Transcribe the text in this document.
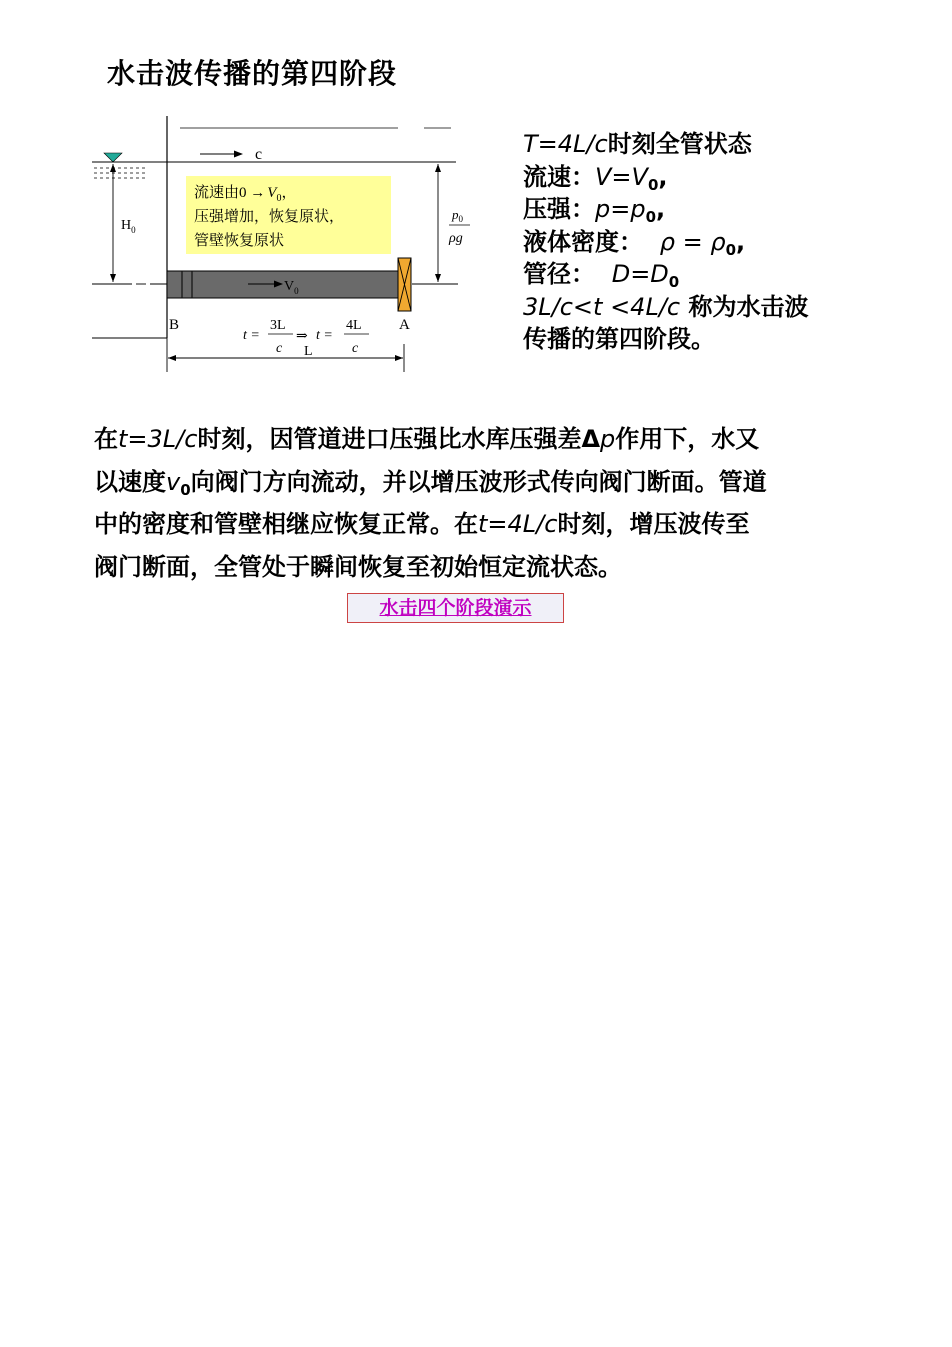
水击波传播的第四阶段
$H_0$
c
流速由$0 \to V_0$，
压强增加，恢复原状，
管壁恢复原状
$p_0$
ρg
$V_0$
B	A
t =
3L
c
⇒ t =
4L
c
L
T=4L/c时刻全管状态
流速：$V=V_0$,
压强：$p=p_0$,
液体密度： $\rho = \rho_0$,
管径： $D=D_0$
3L/c<t <4L/c 称为水击波
传播的第四阶段。
在t=3L/c时刻，因管道进口压强比水库压强差Δp作用下，水又
以速度$v_0$向阀门方向流动，并以增压波形式传向阀门断面。管道
中的密度和管壁相继应恢复正常。在t=4L/c时刻，增压波传至
阀门断面，全管处于瞬间恢复至初始恒定流状态。
水击四个阶段演示
